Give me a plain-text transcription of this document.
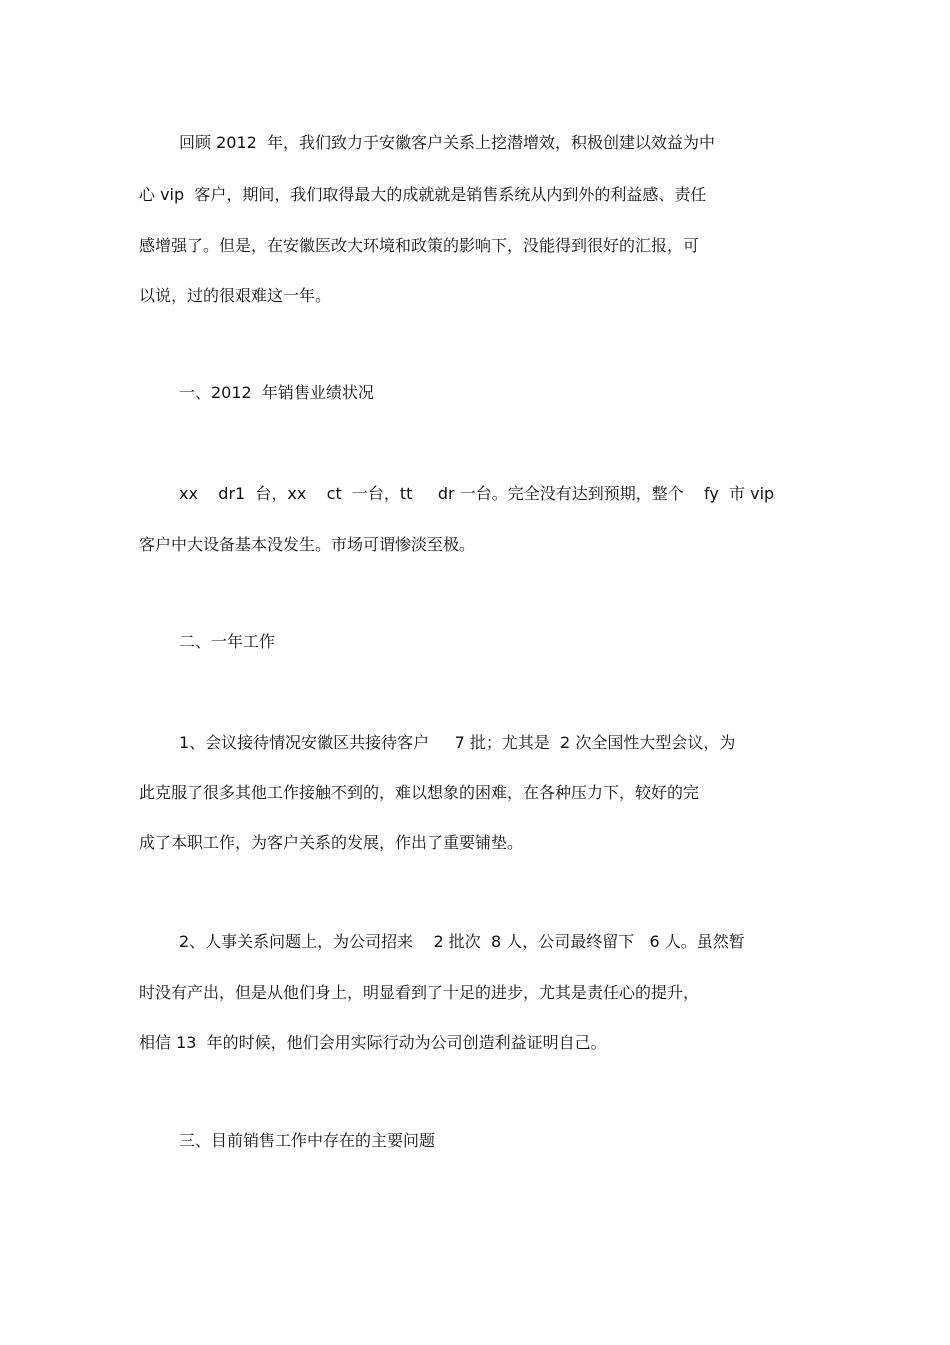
回顾 2012  年，我们致力于安徽客户关系上挖潜增效，积极创建以效益为中
心 vip  客户，期间，我们取得最大的成就就是销售系统从内到外的利益感、责任
感增强了。但是，在安徽医改大环境和政策的影响下，没能得到很好的汇报，可
以说，过的很艰难这一年。
一、2012  年销售业绩状况
xx    dr1  台，xx    ct  一台，tt     dr 一台。完全没有达到预期，整个    fy  市 vip
客户中大设备基本没发生。市场可谓惨淡至极。
二、一年工作
1、会议接待情况安徽区共接待客户     7 批；尤其是  2 次全国性大型会议，为
此克服了很多其他工作接触不到的，难以想象的困难，在各种压力下，较好的完
成了本职工作，为客户关系的发展，作出了重要铺垫。
2、人事关系问题上，为公司招来    2 批次  8 人，公司最终留下   6 人。虽然暂
时没有产出，但是从他们身上，明显看到了十足的进步，尤其是责任心的提升，
相信 13  年的时候，他们会用实际行动为公司创造利益证明自己。
三、目前销售工作中存在的主要问题
